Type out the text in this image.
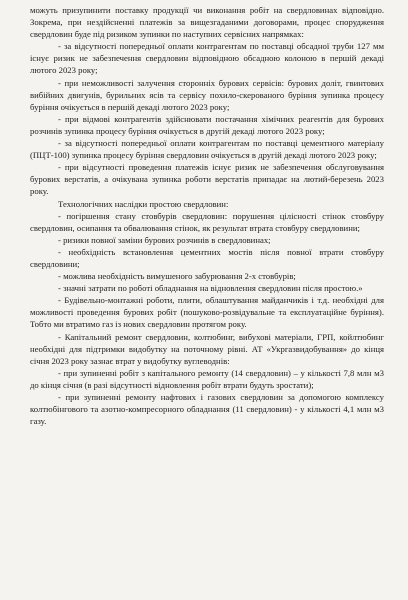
можуть призупинити поставку продукції чи виконання робіт на свердловинах відповідно. Зокрема, при нездійсненні платежів за вищезгаданими договорами, процес спорудження свердловин буде під ризиком зупинки по наступних сервісних напрямках:

- за відсутності попередньої оплати контрагентам по поставці обсадної труби 127 мм існує ризик не забезпечення свердловин відповідною обсадною колоною в першій декаді лютого 2023 року;

- при неможливості залучення сторонніх бурових сервісів: бурових доліт, гвинтових вибійних двигунів, бурильних ясів та сервісу похило-скерованого буріння зупинка процесу буріння очікується в першій декаді лютого 2023 року;

- при відмові контрагентів здійснювати постачання хімічних реагентів для бурових розчинів зупинка процесу буріння очікується в другій декаді лютого 2023 року;

- за відсутності попередньої оплати контрагентам по поставці цементного матеріалу (ПЦТ-100) зупинка процесу буріння свердловин очікується в другій декаді лютого 2023 року;

- при відсутності проведення платежів існує ризик не забезпечення обслуговування бурових верстатів, а очікувана зупинка роботи верстатів припадає на лютий-березень 2023 року.

Технологічних наслідки простою свердловин:

- погіршення стану стовбурів свердловин: порушення цілісності стінок стовбуру свердловин, осипання та обвалювання стінок, як результат втрата стовбуру свердловини;

- ризики повної заміни бурових розчинів в свердловинах;

- необхідність встановлення цементних мостів після повної втрати стовбуру свердловини;

- можлива необхідність вимушеного забурювання 2-х стовбурів;

- значні затрати по роботі обладнання на відновлення свердловин після простою.»

- Будівельно-монтажні роботи, плити, облаштування майданчиків і т.д. необхідні для можливості проведення бурових робіт (пошуково-розвідувальне та експлуатаційне буріння). Тобто ми втратимо газ із нових свердловин протягом року.

- Капітальний ремонт свердловин, колтюбинг, вибухові матеріали, ГРП, койлтюбинг необхідні для підтримки видобутку на поточному рівні. АТ «Укргазвидобування» до кінця січня 2023 року зазнає втрат у видобутку вуглеводнів:

- при зупиненні робіт з капітального ремонту (14 свердловин) – у кількості 7,8 млн м3 до кінця січня (в разі відсутності відновлення робіт втрати будуть зростати);

- при зупиненні ремонту нафтових і газових свердловин за допомогою комплексу колтюбінгового та азотно-компресорного обладнання (11 свердловин) - у кількості 4,1 млн м3 газу.
